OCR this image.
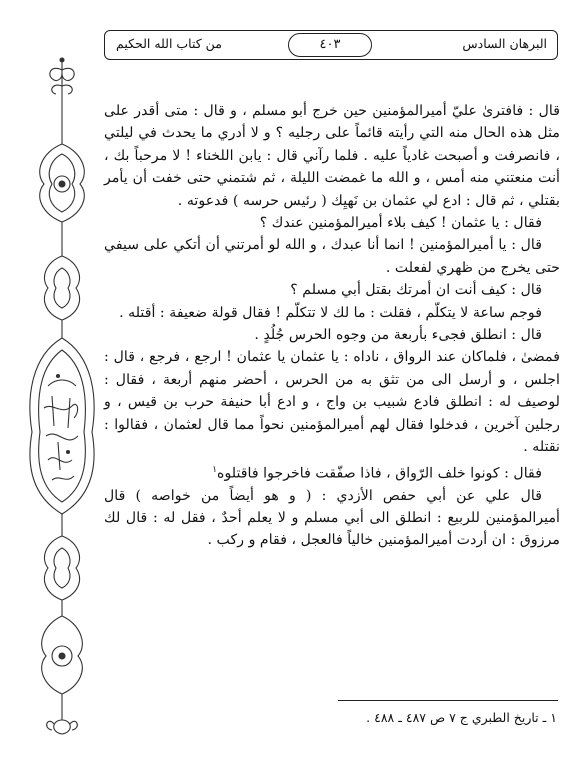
من كتاب الله الحكيم	٤٠٣	البرهان السادس

قال : فافترىٰ عليّ أميرالمؤمنين حين خرج أبو مسلم ، و قال : متى أقدر على مثل هذه الحال منه التي رأيته قائماً على رجليه ؟ و لا أدري ما يحدث في ليلتي ، فانصرفت و أصبحت غادياً عليه . فلما رآني قال : يابن اللخناء ! لا مرحباً بك ، أنت منعتني منه أمس ، و الله ما غمضت الليلة ، ثم شتمني حتى خفت أن يأمر بقتلي ، ثم قال : ادع لي عثمان بن نَهيِك ( رئيس حرسه ) فدعوته .

فقال : يا عثمان ! كيف بلاء أميرالمؤمنين عندك ؟

قال : يا أميرالمؤمنين ! انما أنا عبدك ، و الله لو أمرتني أن أتكي على سيفي حتى يخرج من ظهري لفعلت .

قال : كيف أنت ان أمرتك بقتل أبي مسلم ؟

فوجم ساعة لا يتكلّم ، فقلت : ما لك لا تتكلّم ! فقال قولة ضعيفة : أقتله .

قال : انطلق فجىء بأربعة من وجوه الحرس جُلُدٍ .

فمضىٰ ، فلماكان عند الرواق ، ناداه : يا عثمان يا عثمان ! ارجع ، فرجع ، قال : اجلس ، و أرسل الى من تثق به من الحرس ، أحضر منهم أربعة ، فقال : لوصيف له : انطلق فادع شبيب بن واج ، و ادع أبا حنيفة حرب بن قيس ، و رجلين آخرين ، فدخلوا فقال لهم أميرالمؤمنين نحواً مما قال لعثمان ، فقالوا : نقتله .

فقال : كونوا خلف الرّواق ، فاذا صفّقت فاخرجوا فاقتلوه$^١$

قال علي عن أبي حفص الأزدي : ( و هو أيضاً من خواصه ) قال أميرالمؤمنين للربيع : انطلق الى أبي مسلم و لا يعلم أحدٌ ، فقل له : قال لك مرزوق : ان أردت أميرالمؤمنين خالياً فالعجل ، فقام و ركب .

١ ـ تاريخ الطبري ج ٧ ص ٤٨٧ ـ ٤٨٨ .
